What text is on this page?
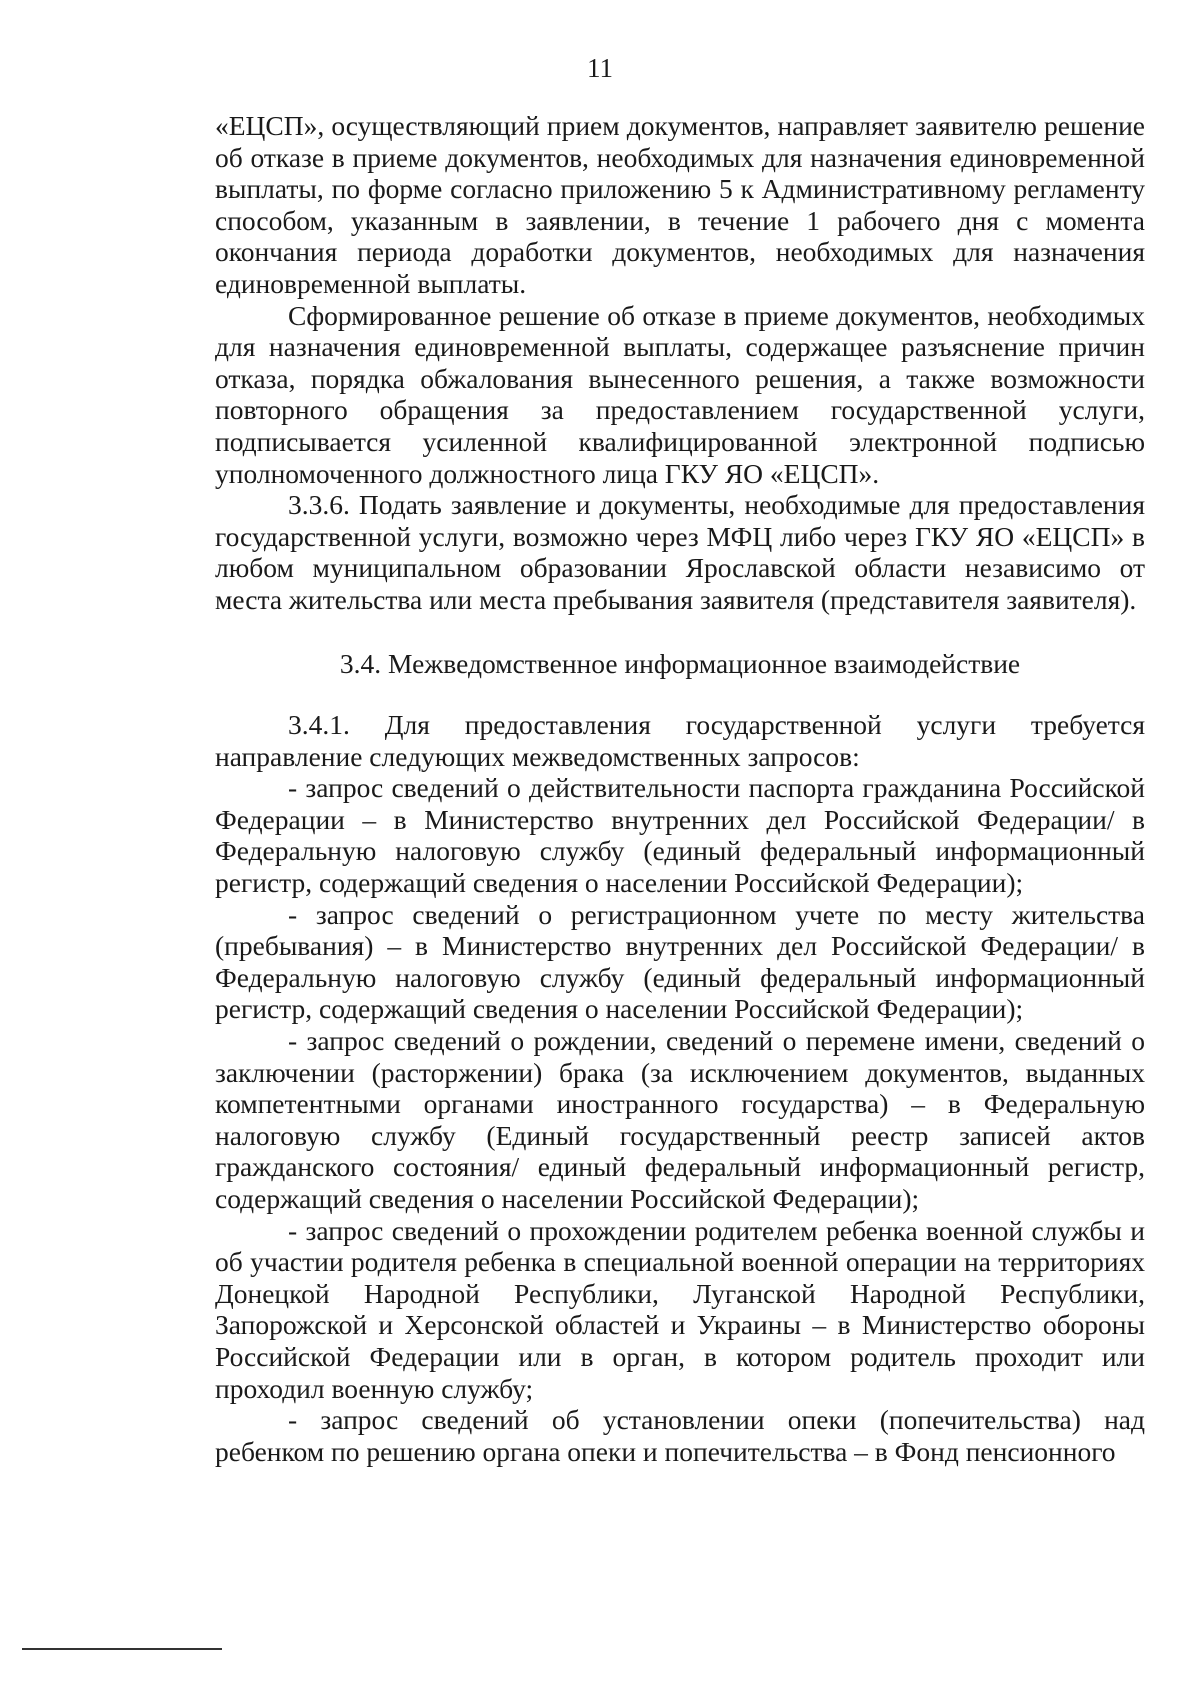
11

«ЕЦСП», осуществляющий прием документов, направляет заявителю решение об отказе в приеме документов, необходимых для назначения единовременной выплаты, по форме согласно приложению 5 к Административному регламенту способом, указанным в заявлении, в течение 1 рабочего дня с момента окончания периода доработки документов, необходимых для назначения единовременной выплаты.

Сформированное решение об отказе в приеме документов, необходимых для назначения единовременной выплаты, содержащее разъяснение причин отказа, порядка обжалования вынесенного решения, а также возможности повторного обращения за предоставлением государственной услуги, подписывается усиленной квалифицированной электронной подписью уполномоченного должностного лица ГКУ ЯО «ЕЦСП».

3.3.6. Подать заявление и документы, необходимые для предоставления государственной услуги, возможно через МФЦ либо через ГКУ ЯО «ЕЦСП» в любом муниципальном образовании Ярославской области независимо от места жительства или места пребывания заявителя (представителя заявителя).

3.4. Межведомственное информационное взаимодействие

3.4.1. Для предоставления государственной услуги требуется направление следующих межведомственных запросов:

- запрос сведений о действительности паспорта гражданина Российской Федерации – в Министерство внутренних дел Российской Федерации/ в Федеральную налоговую службу (единый федеральный информационный регистр, содержащий сведения о населении Российской Федерации);

- запрос сведений о регистрационном учете по месту жительства (пребывания) – в Министерство внутренних дел Российской Федерации/ в Федеральную налоговую службу (единый федеральный информационный регистр, содержащий сведения о населении Российской Федерации);

- запрос сведений о рождении, сведений о перемене имени, сведений о заключении (расторжении) брака (за исключением документов, выданных компетентными органами иностранного государства) – в Федеральную налоговую службу (Единый государственный реестр записей актов гражданского состояния/ единый федеральный информационный регистр, содержащий сведения о населении Российской Федерации);

- запрос сведений о прохождении родителем ребенка военной службы и об участии родителя ребенка в специальной военной операции на территориях Донецкой Народной Республики, Луганской Народной Республики, Запорожской и Херсонской областей и Украины – в Министерство обороны Российской Федерации или в орган, в котором родитель проходит или проходил военную службу;

- запрос сведений об установлении опеки (попечительства) над ребенком по решению органа опеки и попечительства – в Фонд пенсионного
